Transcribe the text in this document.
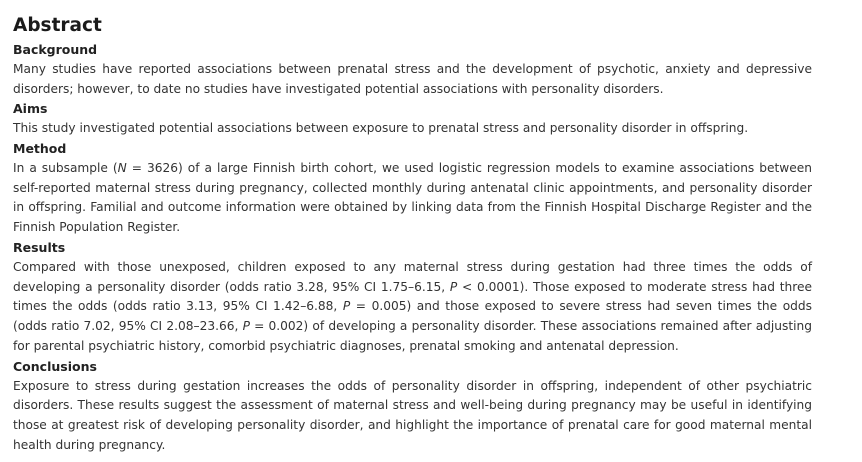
Abstract
Background

Many studies have reported associations between prenatal stress and the development of psychotic, anxiety and depressive disorders; however, to date no studies have investigated potential associations with personality disorders.

Aims

This study investigated potential associations between exposure to prenatal stress and personality disorder in offspring.

Method

In a subsample (N = 3626) of a large Finnish birth cohort, we used logistic regression models to examine associations between self-reported maternal stress during pregnancy, collected monthly during antenatal clinic appointments, and personality disorder in offspring. Familial and outcome information were obtained by linking data from the Finnish Hospital Discharge Register and the Finnish Population Register.

Results

Compared with those unexposed, children exposed to any maternal stress during gestation had three times the odds of developing a personality disorder (odds ratio 3.28, 95% CI 1.75–6.15, P < 0.0001). Those exposed to moderate stress had three times the odds (odds ratio 3.13, 95% CI 1.42–6.88, P = 0.005) and those exposed to severe stress had seven times the odds (odds ratio 7.02, 95% CI 2.08–23.66, P = 0.002) of developing a personality disorder. These associations remained after adjusting for parental psychiatric history, comorbid psychiatric diagnoses, prenatal smoking and antenatal depression.

Conclusions

Exposure to stress during gestation increases the odds of personality disorder in offspring, independent of other psychiatric disorders. These results suggest the assessment of maternal stress and well-being during pregnancy may be useful in identifying those at greatest risk of developing personality disorder, and highlight the importance of prenatal care for good maternal mental health during pregnancy.
